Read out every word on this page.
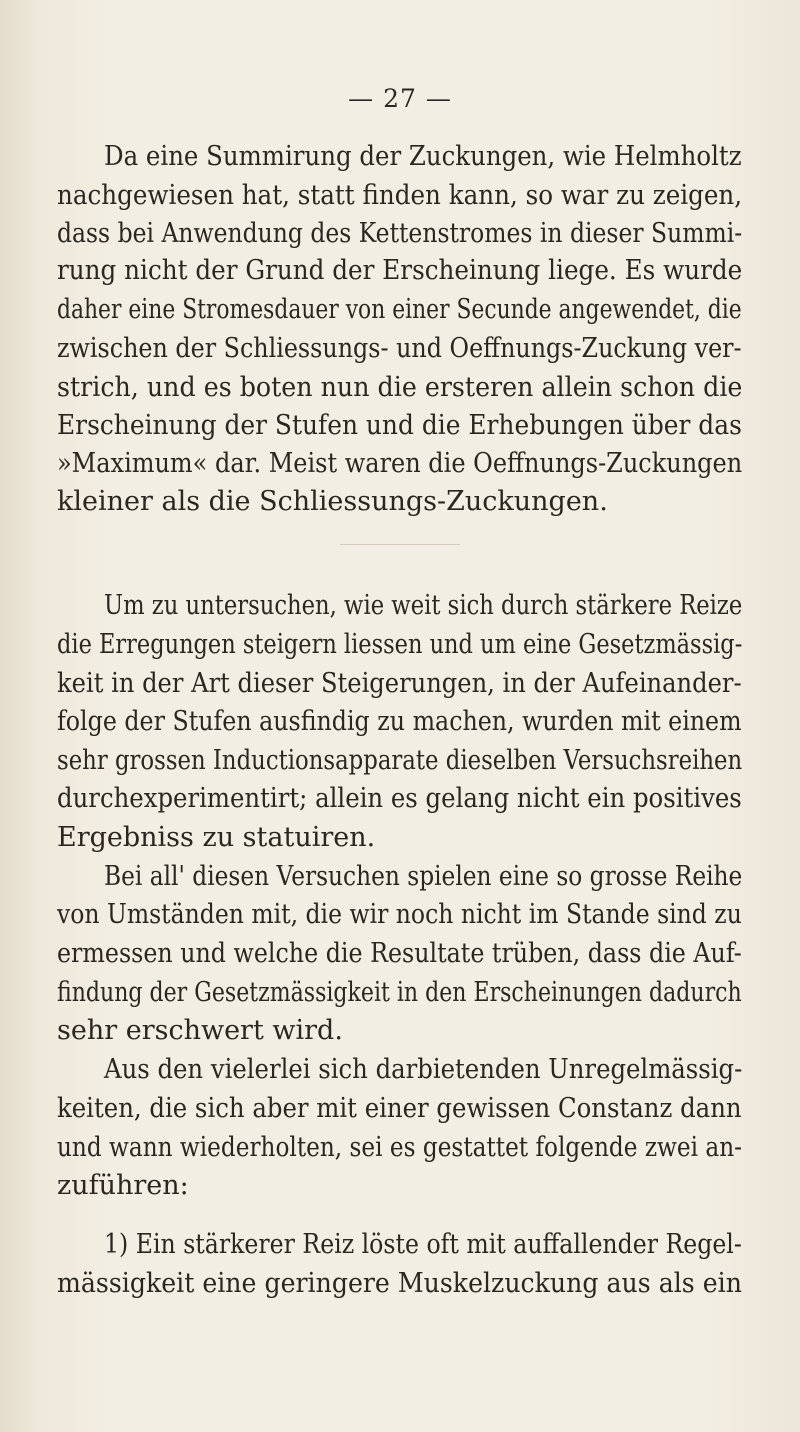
— 27 —
Da eine Summirung der Zuckungen, wie Helmholtz
nachgewiesen hat, statt finden kann, so war zu zeigen,
dass bei Anwendung des Kettenstromes in dieser Summi-
rung nicht der Grund der Erscheinung liege. Es wurde
daher eine Stromesdauer von einer Secunde angewendet, die
zwischen der Schliessungs- und Oeffnungs-Zuckung ver-
strich, und es boten nun die ersteren allein schon die
Erscheinung der Stufen und die Erhebungen über das
»Maximum« dar. Meist waren die Oeffnungs-Zuckungen
kleiner als die Schliessungs-Zuckungen.
Um zu untersuchen, wie weit sich durch stärkere Reize
die Erregungen steigern liessen und um eine Gesetzmässig-
keit in der Art dieser Steigerungen, in der Aufeinander-
folge der Stufen ausfindig zu machen, wurden mit einem
sehr grossen Inductionsapparate dieselben Versuchsreihen
durchexperimentirt; allein es gelang nicht ein positives
Ergebniss zu statuiren.
Bei all' diesen Versuchen spielen eine so grosse Reihe
von Umständen mit, die wir noch nicht im Stande sind zu
ermessen und welche die Resultate trüben, dass die Auf-
findung der Gesetzmässigkeit in den Erscheinungen dadurch
sehr erschwert wird.
Aus den vielerlei sich darbietenden Unregelmässig-
keiten, die sich aber mit einer gewissen Constanz dann
und wann wiederholten, sei es gestattet folgende zwei an-
zuführen:
1) Ein stärkerer Reiz löste oft mit auffallender Regel-
mässigkeit eine geringere Muskelzuckung aus als ein
